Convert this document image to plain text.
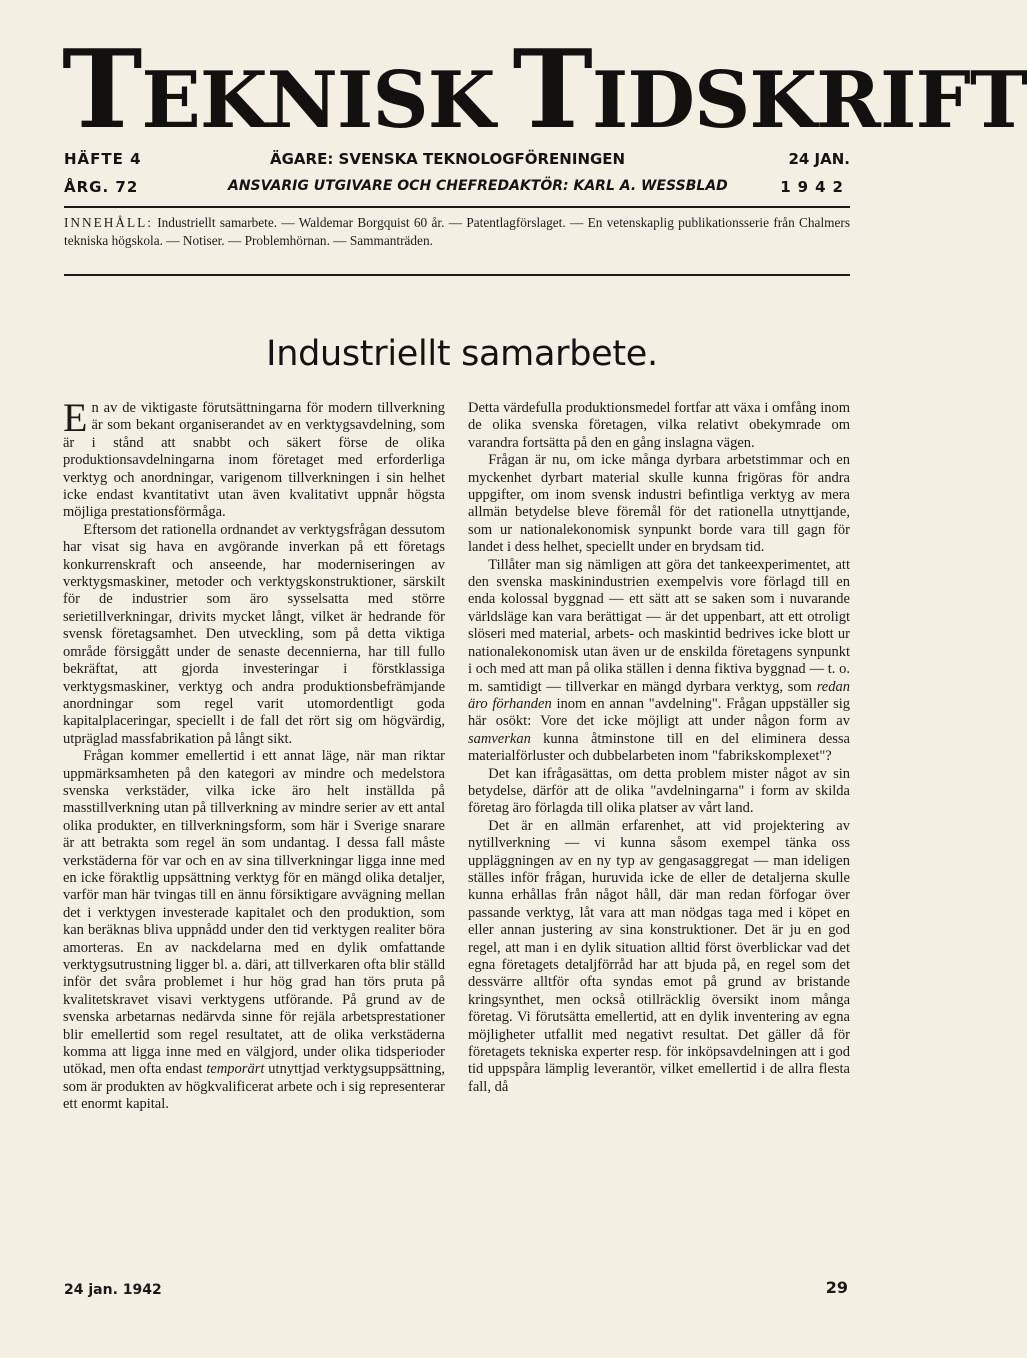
TEKNISK TIDSKRIFT
HÄFTE 4
ÅRG. 72
ÄGARE: SVENSKA TEKNOLOGFÖRENINGEN
ANSVARIG UTGIVARE OCH CHEFREDAKTÖR: KARL A. WESSBLAD
24 JAN.
1942
INNEHÅLL: Industriellt samarbete. — Waldemar Borgquist 60 år. — Patentlagförslaget. — En vetenskaplig publikationsserie från Chalmers tekniska högskola. — Notiser. — Problemhörnan. — Sammanträden.
Industriellt samarbete.

En av de viktigaste förutsättningarna för modern tillverkning är som bekant organiserandet av en verktygsavdelning, som är i stånd att snabbt och säkert förse de olika produktionsavdelningarna inom företaget med erforderliga verktyg och anordningar, varigenom tillverkningen i sin helhet icke endast kvantitativt utan även kvalitativt uppnår högsta möjliga prestationsförmåga.

Eftersom det rationella ordnandet av verktygsfrågan dessutom har visat sig hava en avgörande inverkan på ett företags konkurrenskraft och anseende, har moderniseringen av verktygsmaskiner, metoder och verktygskonstruktioner, särskilt för de industrier som äro sysselsatta med större serietillverkningar, drivits mycket långt, vilket är hedrande för svensk företagsamhet. Den utveckling, som på detta viktiga område försiggått under de senaste decennierna, har till fullo bekräftat, att gjorda investeringar i förstklassiga verktygsmaskiner, verktyg och andra produktionsbefrämjande anordningar som regel varit utomordentligt goda kapitalplaceringar, speciellt i de fall det rört sig om högvärdig, utpräglad massfabrikation på långt sikt.

Frågan kommer emellertid i ett annat läge, när man riktar uppmärksamheten på den kategori av mindre och medelstora svenska verkstäder, vilka icke äro helt inställda på masstillverkning utan på tillverkning av mindre serier av ett antal olika produkter, en tillverkningsform, som här i Sverige snarare är att betrakta som regel än som undantag. I dessa fall måste verkstäderna för var och en av sina tillverkningar ligga inne med en icke föraktlig uppsättning verktyg för en mängd olika detaljer, varför man här tvingas till en ännu försiktigare avvägning mellan det i verktygen investerade kapitalet och den produktion, som kan beräknas bliva uppnådd under den tid verktygen realiter böra amorteras. En av nackdelarna med en dylik omfattande verktygsutrustning ligger bl. a. däri, att tillverkaren ofta blir ställd inför det svåra problemet i hur hög grad han törs pruta på kvalitetskravet visavi verktygens utförande. På grund av de svenska arbetarnas nedärvda sinne för rejäla arbetsprestationer blir emellertid som regel resultatet, att de olika verkstäderna komma att ligga inne med en välgjord, under olika tidsperioder utökad, men ofta endast temporärt utnyttjad verktygsuppsättning, som är produkten av högkvalificerat arbete och i sig representerar ett enormt kapital.

Detta värdefulla produktionsmedel fortfar att växa i omfång inom de olika svenska företagen, vilka relativt obekymrade om varandra fortsätta på den en gång inslagna vägen.

Frågan är nu, om icke många dyrbara arbetstimmar och en myckenhet dyrbart material skulle kunna frigöras för andra uppgifter, om inom svensk industri befintliga verktyg av mera allmän betydelse bleve föremål för det rationella utnyttjande, som ur nationalekonomisk synpunkt borde vara till gagn för landet i dess helhet, speciellt under en brydsam tid.

Tillåter man sig nämligen att göra det tankeexperimentet, att den svenska maskinindustrien exempelvis vore förlagd till en enda kolossal byggnad — ett sätt att se saken som i nuvarande världsläge kan vara berättigat — är det uppenbart, att ett otroligt slöseri med material, arbets- och maskintid bedrives icke blott ur nationalekonomisk utan även ur de enskilda företagens synpunkt i och med att man på olika ställen i denna fiktiva byggnad — t. o. m. samtidigt — tillverkar en mängd dyrbara verktyg, som redan äro förhanden inom en annan "avdelning". Frågan uppställer sig här osökt: Vore det icke möjligt att under någon form av samverkan kunna åtminstone till en del eliminera dessa materialförluster och dubbelarbeten inom "fabrikskomplexet"?

Det kan ifrågasättas, om detta problem mister något av sin betydelse, därför att de olika "avdelningarna" i form av skilda företag äro förlagda till olika platser av vårt land.

Det är en allmän erfarenhet, att vid projektering av nytillverkning — vi kunna såsom exempel tänka oss uppläggningen av en ny typ av gengasaggregat — man ideligen ställes inför frågan, huruvida icke de eller de detaljerna skulle kunna erhållas från något håll, där man redan förfogar över passande verktyg, låt vara att man nödgas taga med i köpet en eller annan justering av sina konstruktioner. Det är ju en god regel, att man i en dylik situation alltid först överblickar vad det egna företagets detaljförråd har att bjuda på, en regel som det dessvärre alltför ofta syndas emot på grund av bristande kringsynthet, men också otillräcklig översikt inom många företag. Vi förutsätta emellertid, att en dylik inventering av egna möjligheter utfallit med negativt resultat. Det gäller då för företagets tekniska experter resp. för inköpsavdelningen att i god tid uppspåra lämplig leverantör, vilket emellertid i de allra flesta fall, då

24 jan. 1942	29
